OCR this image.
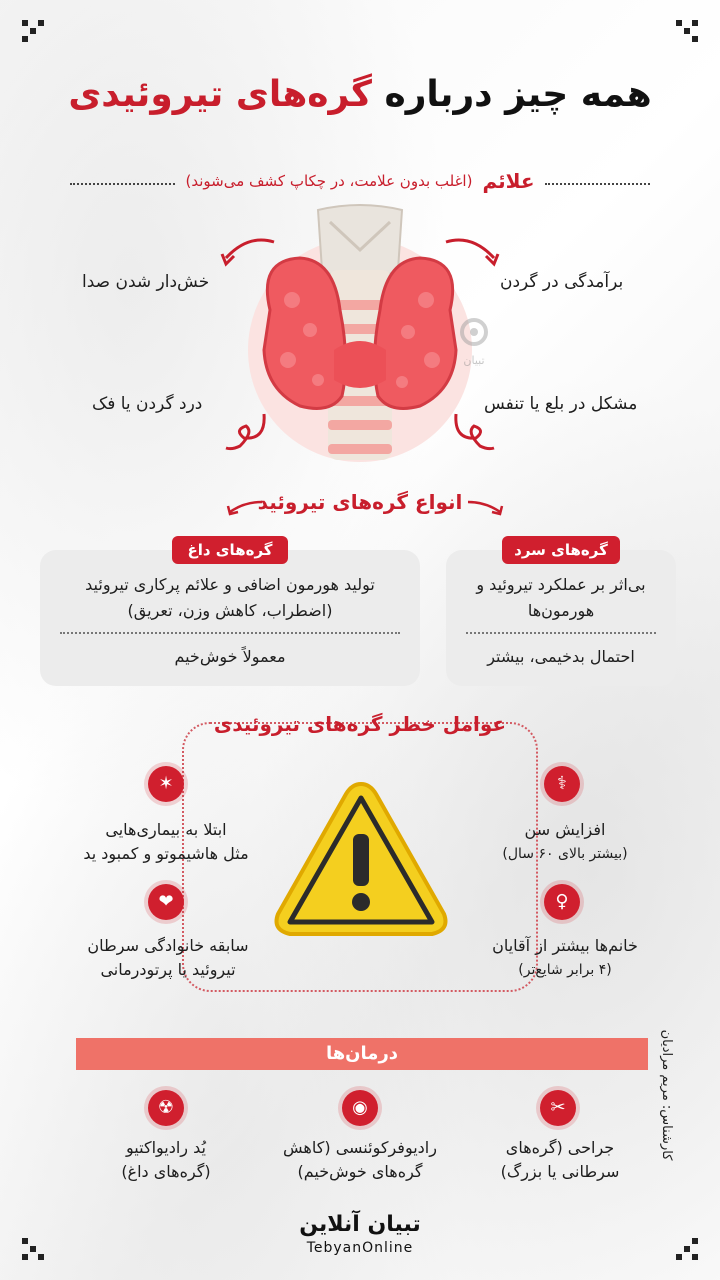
همه چیز درباره گره‌های تیروئیدی
علائم
(اغلب بدون علامت، در چکاپ کشف می‌شوند)
تبیان
خش‌دار شدن صدا	برآمدگی در گردن
درد گردن یا فک	مشکل در بلع یا تنفس
انواع گره‌های تیروئید
تولید هورمون اضافی و علائم پرکاری تیروئید
(اضطراب، کاهش وزن، تعریق)
معمولاً خوش‌خیم
گره‌های داغ
بی‌اثر بر عملکرد تیروئید و
هورمون‌ها
احتمال بدخیمی، بیشتر
گره‌های سرد
عوامل خطر گره‌های تیروئیدی
⚕
افزایش سن
(بیشتر بالای ۶۰ سال)
♀
خانم‌ها بیشتر از آقایان
(۴ برابر شایع‌تر)
✶
ابتلا به بیماری‌هایی
مثل هاشیموتو و کمبود ید
❤
سابقه خانوادگی سرطان
تیروئید یا پرتودرمانی
درمان‌ها
✂
جراحی (گره‌های
سرطانی یا بزرگ)
◉
رادیوفرکوئنسی (کاهش
گره‌های خوش‌خیم)
☢
یُد رادیواکتیو
(گره‌های داغ)
کارشناس: مریم مرادیان
تبیان آنلاین
TebyanOnline
